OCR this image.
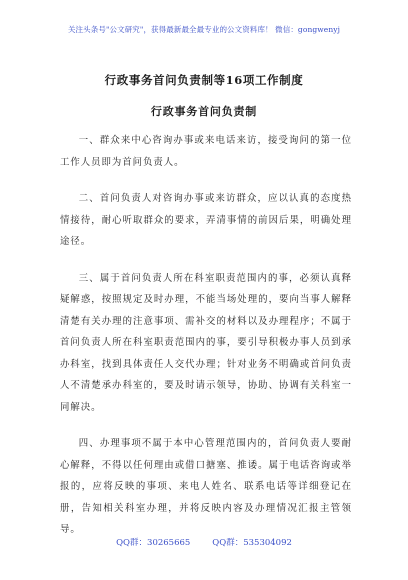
关注头条号"公文研究"，获得最新最全最专业的公文资料库！ 微信：gongwenyj
行政事务首问负责制等16项工作制度
行政事务首问负责制

一、群众来中心咨询办事或来电话来访，接受询问的第一位工作人员即为首问负责人。

二、首问负责人对咨询办事或来访群众，应以认真的态度热情接待，耐心听取群众的要求，弄清事情的前因后果，明确处理途径。

三、属于首问负责人所在科室职责范围内的事，必须认真释疑解惑，按照规定及时办理，不能当场处理的，要向当事人解释清楚有关办理的注意事项、需补交的材料以及办理程序；不属于首问负责人所在科室职责范围内的事，要引导积极办事人员到承办科室，找到具体责任人交代办理；针对业务不明确或首问负责人不清楚承办科室的，要及时请示领导，协助、协调有关科室一同解决。

四、办理事项不属于本中心管理范围内的，首问负责人要耐心解释，不得以任何理由或借口搪塞、推诿。属于电话咨询或举报的，应将反映的事项、来电人姓名、联系电话等详细登记在册，告知相关科室办理，并将反映内容及办理情况汇报主管领导。

QQ群：30265665	QQ群：535304092
